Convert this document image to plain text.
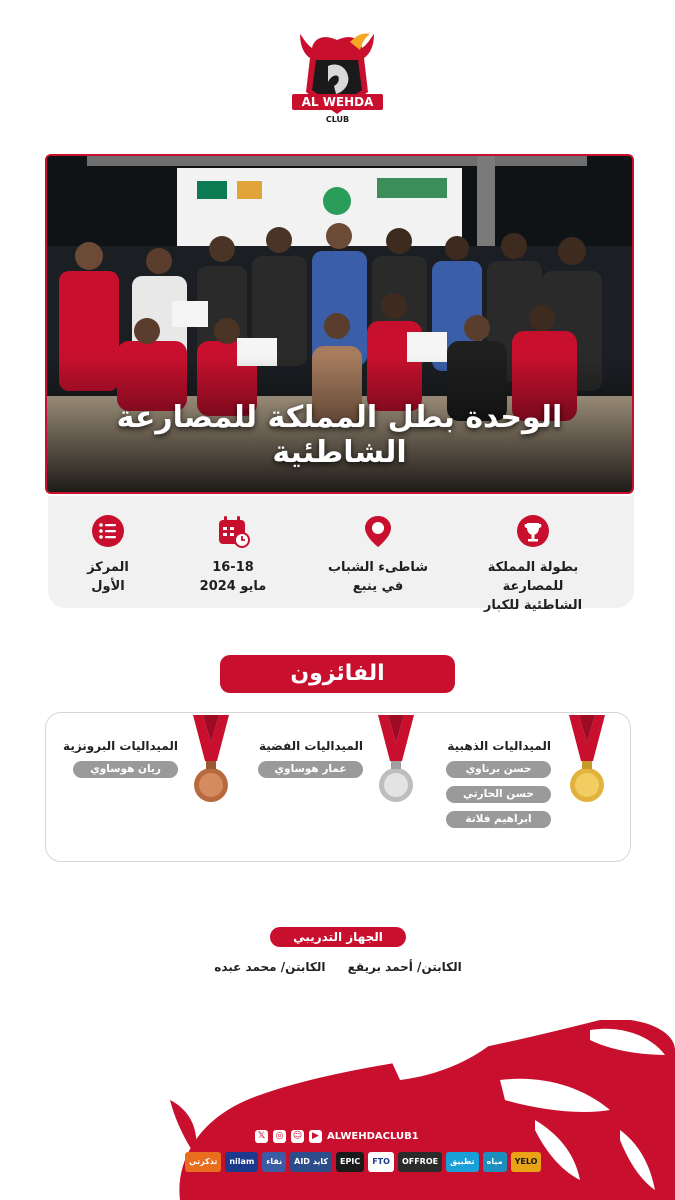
AL WEHDA
CLUB
الوحدة بطل المملكة للمصارعة الشاطئية
بطولة المملكة للمصارعة
الشاطئية للكبار
شاطىء الشباب
في ينبع
16-18
مايو 2024
المركز
الأول
الفائزون
الميداليات الذهبية
حسن برناوي
حسن الحارثي
ابراهيم فلاتة
الميداليات الفضية
عمار هوساوي
الميداليات البرونزية
ريان هوساوي
الجهاز التدريبي
الكابتن/ أحمد بريقع الكابتن/ محمد عبده
𝕏	◎ ☺	▶ ALWEHDACLUB1
YELO
مياه
تطبيق
OFFROE
FTO
EPIC
AID كايد
نقاء
nilam
تذكرتي
